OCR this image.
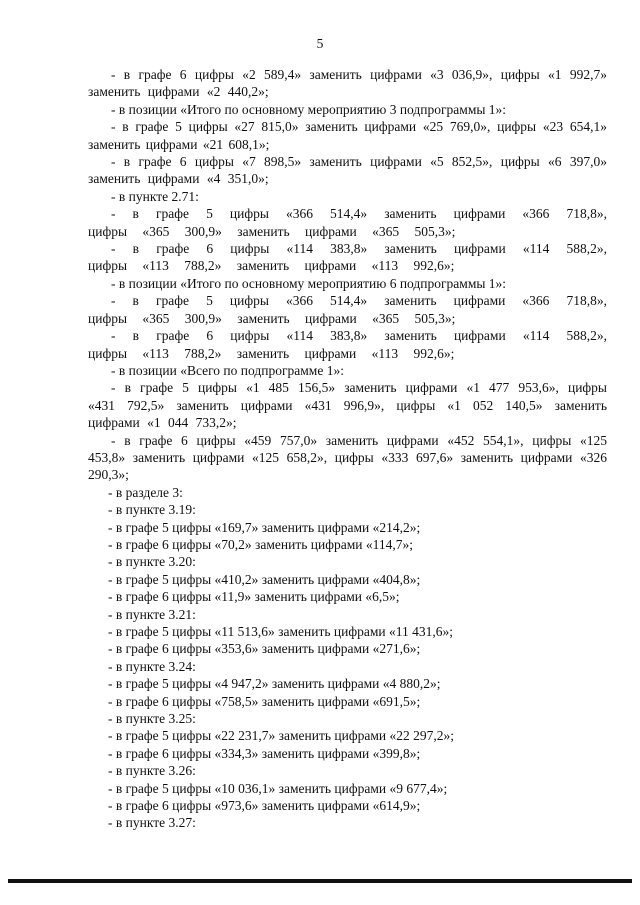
5

- в графе 6 цифры «2 589,4» заменить цифрами «3 036,9», цифры «1 992,7» заменить цифрами «2 440,2»;

- в позиции «Итого по основному мероприятию 3 подпрограммы 1»:

- в графе 5 цифры «27 815,0» заменить цифрами «25 769,0», цифры «23 654,1» заменить цифрами «21 608,1»;

- в графе 6 цифры «7 898,5» заменить цифрами «5 852,5», цифры «6 397,0» заменить цифрами «4 351,0»;

- в пункте 2.71:

- в графе 5 цифры «366 514,4» заменить цифрами «366 718,8», цифры «365 300,9» заменить цифрами «365 505,3»;

- в графе 6 цифры «114 383,8» заменить цифрами «114 588,2», цифры «113 788,2» заменить цифрами «113 992,6»;

- в позиции «Итого по основному мероприятию 6 подпрограммы 1»:

- в графе 5 цифры «366 514,4» заменить цифрами «366 718,8», цифры «365 300,9» заменить цифрами «365 505,3»;

- в графе 6 цифры «114 383,8» заменить цифрами «114 588,2», цифры «113 788,2» заменить цифрами «113 992,6»;

- в позиции «Всего по подпрограмме 1»:

- в графе 5 цифры «1 485 156,5» заменить цифрами «1 477 953,6», цифры «431 792,5» заменить цифрами «431 996,9», цифры «1 052 140,5» заменить цифрами «1 044 733,2»;

- в графе 6 цифры «459 757,0» заменить цифрами «452 554,1», цифры «125 453,8» заменить цифрами «125 658,2», цифры «333 697,6» заменить цифрами «326 290,3»;

- в разделе 3:

- в пункте 3.19:

- в графе 5 цифры «169,7» заменить цифрами «214,2»;

- в графе 6 цифры «70,2» заменить цифрами «114,7»;

- в пункте 3.20:

- в графе 5 цифры «410,2» заменить цифрами «404,8»;

- в графе 6 цифры «11,9» заменить цифрами «6,5»;

- в пункте 3.21:

- в графе 5 цифры «11 513,6» заменить цифрами «11 431,6»;

- в графе 6 цифры «353,6» заменить цифрами «271,6»;

- в пункте 3.24:

- в графе 5 цифры «4 947,2» заменить цифрами «4 880,2»;

- в графе 6 цифры «758,5» заменить цифрами «691,5»;

- в пункте 3.25:

- в графе 5 цифры «22 231,7» заменить цифрами «22 297,2»;

- в графе 6 цифры «334,3» заменить цифрами «399,8»;

- в пункте 3.26:

- в графе 5 цифры «10 036,1» заменить цифрами «9 677,4»;

- в графе 6 цифры «973,6» заменить цифрами «614,9»;

- в пункте 3.27:
